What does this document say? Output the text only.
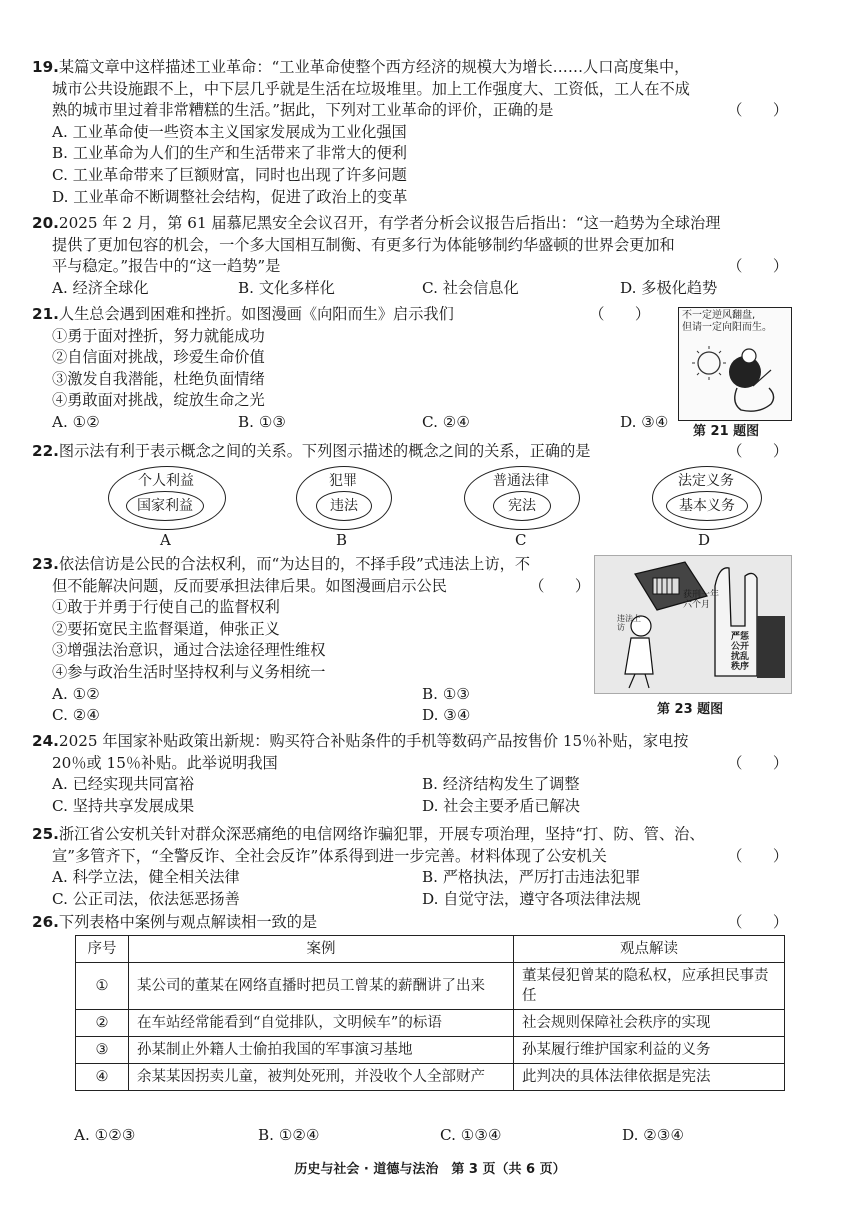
19.某篇文章中这样描述工业革命：“工业革命使整个西方经济的规模大为增长……人口高度集中，
城市公共设施跟不上，中下层几乎就是生活在垃圾堆里。加上工作强度大、工资低，工人在不成
熟的城市里过着非常糟糕的生活。”据此，下列对工业革命的评价，正确的是	（　　）
A. 工业革命使一些资本主义国家发展成为工业化强国
B. 工业革命为人们的生产和生活带来了非常大的便利
C. 工业革命带来了巨额财富，同时也出现了许多问题
D. 工业革命不断调整社会结构，促进了政治上的变革
20.2025 年 2 月，第 61 届慕尼黑安全会议召开，有学者分析会议报告后指出：“这一趋势为全球治理
提供了更加包容的机会，一个多大国相互制衡、有更多行为体能够制约华盛顿的世界会更加和
平与稳定。”报告中的“这一趋势”是	（　　）
A. 经济全球化	B. 文化多样化	C. 社会信息化	D. 多极化趋势
21.人生总会遇到困难和挫折。如图漫画《向阳而生》启示我们	（　　）
①勇于面对挫折，努力就能成功
②自信面对挑战，珍爱生命价值
③激发自我潜能，杜绝负面情绪
④勇敢面对挑战，绽放生命之光
A. ①②	B. ①③	C. ②④	D. ③④
不一定逆风翻盘,
但请一定向阳而生。
第 21 题图
22.图示法有利于表示概念之间的关系。下列图示描述的概念之间的关系，正确的是	（　　）
个人利益
国家利益
A
犯罪
违法
B
普通法律
宪法
C
法定义务
基本义务
D
23.依法信访是公民的合法权利，而“为达目的，不择手段”式违法上访，不
但不能解决问题，反而要承担法律后果。如图漫画启示公民	（　　）
①敢于并勇于行使自己的监督权利
②要拓宽民主监督渠道，伸张正义
③增强法治意识，通过合法途径理性维权
④参与政治生活时坚持权利与义务相统一
A. ①②	B. ①③
C. ②④	D. ③④
获刑一年六个月
违法上访
严惩公开扰乱秩序
第 23 题图
24.2025 年国家补贴政策出新规：购买符合补贴条件的手机等数码产品按售价 15％补贴，家电按
20％或 15％补贴。此举说明我国	（　　）
A. 已经实现共同富裕	B. 经济结构发生了调整
C. 坚持共享发展成果	D. 社会主要矛盾已解决
25.浙江省公安机关针对群众深恶痛绝的电信网络诈骗犯罪，开展专项治理，坚持“打、防、管、治、
宣”多管齐下，“全警反诈、全社会反诈”体系得到进一步完善。材料体现了公安机关	（　　）
A. 科学立法，健全相关法律	B. 严格执法，严厉打击违法犯罪
C. 公正司法，依法惩恶扬善	D. 自觉守法，遵守各项法律法规
26.下列表格中案例与观点解读相一致的是	（　　）
序号	案例	观点解读
①	某公司的董某在网络直播时把员工曾某的薪酬讲了出来	董某侵犯曾某的隐私权，应承担民事责任
②	在车站经常能看到“自觉排队，文明候车”的标语	社会规则保障社会秩序的实现
③	孙某制止外籍人士偷拍我国的军事演习基地	孙某履行维护国家利益的义务
④	余某某因拐卖儿童，被判处死刑，并没收个人全部财产	此判决的具体法律依据是宪法
A. ①②③	B. ①②④	C. ①③④	D. ②③④
历史与社会 · 道德与法治　第 3 页（共 6 页）
